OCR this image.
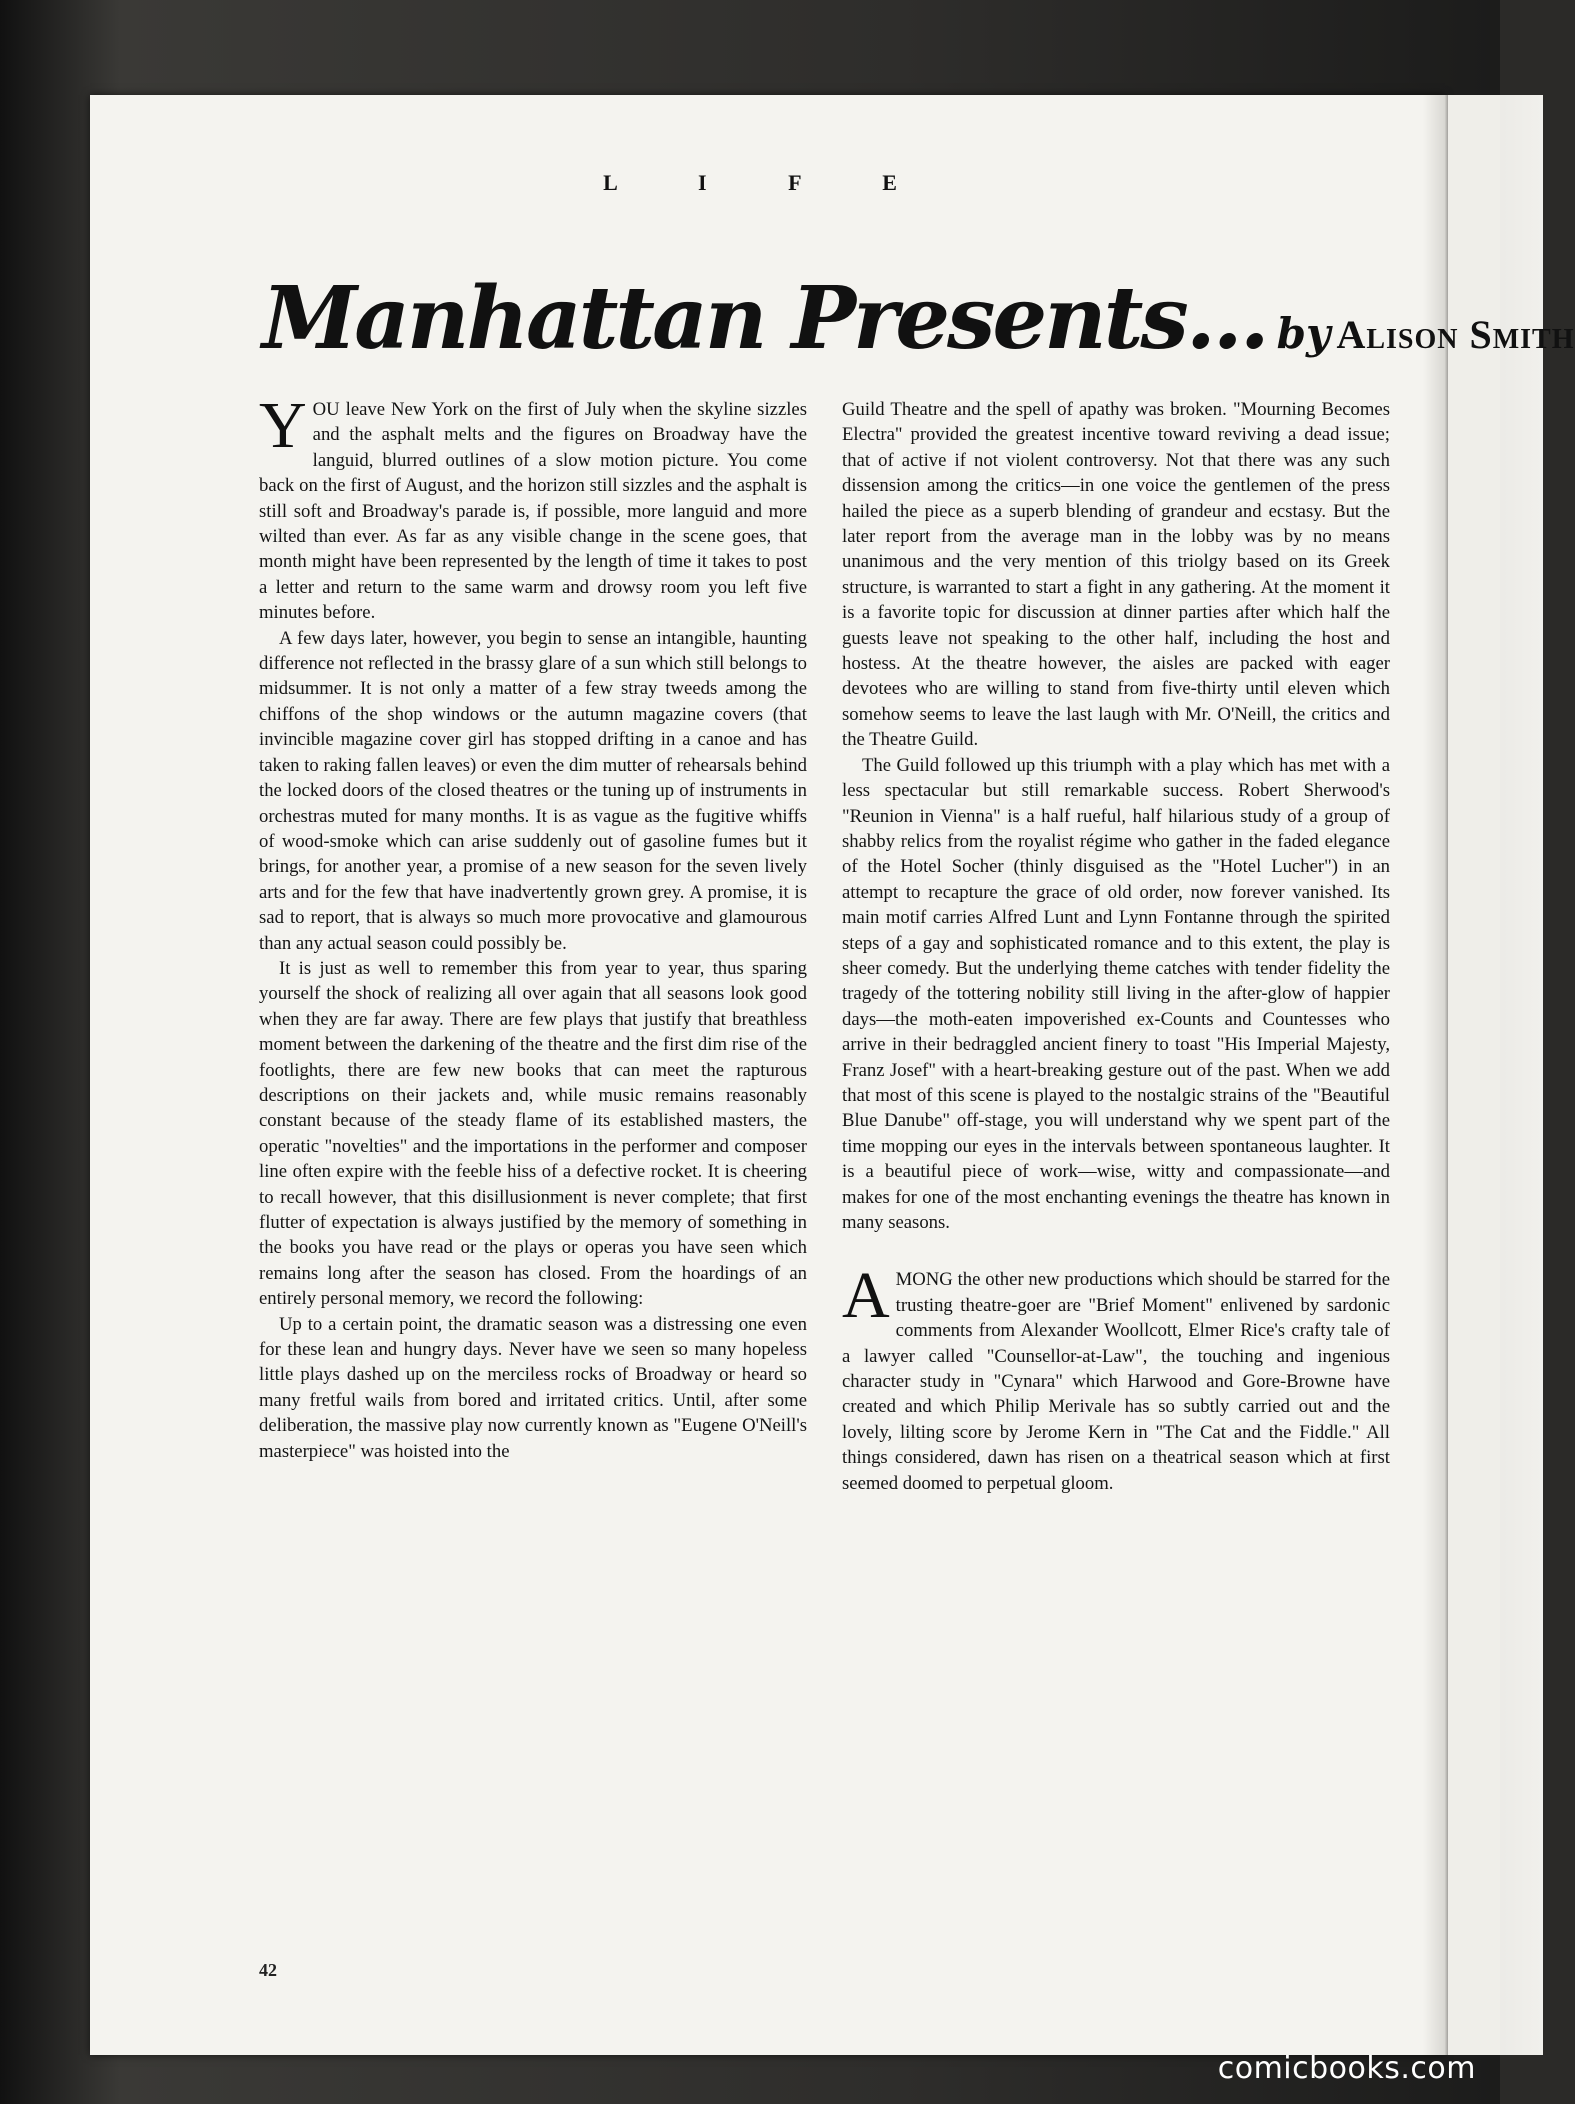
L I F E
Manhattan Presents... by Alison Smith

YOU leave New York on the first of July when the skyline sizzles and the asphalt melts and the figures on Broadway have the languid, blurred outlines of a slow motion picture. You come back on the first of August, and the horizon still sizzles and the asphalt is still soft and Broadway's parade is, if possible, more languid and more wilted than ever. As far as any visible change in the scene goes, that month might have been represented by the length of time it takes to post a letter and return to the same warm and drowsy room you left five minutes before.

A few days later, however, you begin to sense an intangible, haunting difference not reflected in the brassy glare of a sun which still belongs to midsummer. It is not only a matter of a few stray tweeds among the chiffons of the shop windows or the autumn magazine covers (that invincible magazine cover girl has stopped drifting in a canoe and has taken to raking fallen leaves) or even the dim mutter of rehearsals behind the locked doors of the closed theatres or the tuning up of instruments in orchestras muted for many months. It is as vague as the fugitive whiffs of wood-smoke which can arise suddenly out of gasoline fumes but it brings, for another year, a promise of a new season for the seven lively arts and for the few that have inadvertently grown grey. A promise, it is sad to report, that is always so much more provocative and glamourous than any actual season could possibly be.

It is just as well to remember this from year to year, thus sparing yourself the shock of realizing all over again that all seasons look good when they are far away. There are few plays that justify that breathless moment between the darkening of the theatre and the first dim rise of the footlights, there are few new books that can meet the rapturous descriptions on their jackets and, while music remains reasonably constant because of the steady flame of its established masters, the operatic "novelties" and the importations in the performer and composer line often expire with the feeble hiss of a defective rocket. It is cheering to recall however, that this disillusionment is never complete; that first flutter of expectation is always justified by the memory of something in the books you have read or the plays or operas you have seen which remains long after the season has closed. From the hoardings of an entirely personal memory, we record the following:

Up to a certain point, the dramatic season was a distressing one even for these lean and hungry days. Never have we seen so many hopeless little plays dashed up on the merciless rocks of Broadway or heard so many fretful wails from bored and irritated critics. Until, after some deliberation, the massive play now currently known as "Eugene O'Neill's masterpiece" was hoisted into the

Guild Theatre and the spell of apathy was broken. "Mourning Becomes Electra" provided the greatest incentive toward reviving a dead issue; that of active if not violent controversy. Not that there was any such dissension among the critics—in one voice the gentlemen of the press hailed the piece as a superb blending of grandeur and ecstasy. But the later report from the average man in the lobby was by no means unanimous and the very mention of this triolgy based on its Greek structure, is warranted to start a fight in any gathering. At the moment it is a favorite topic for discussion at dinner parties after which half the guests leave not speaking to the other half, including the host and hostess. At the theatre however, the aisles are packed with eager devotees who are willing to stand from five-thirty until eleven which somehow seems to leave the last laugh with Mr. O'Neill, the critics and the Theatre Guild.

The Guild followed up this triumph with a play which has met with a less spectacular but still remarkable success. Robert Sherwood's "Reunion in Vienna" is a half rueful, half hilarious study of a group of shabby relics from the royalist régime who gather in the faded elegance of the Hotel Socher (thinly disguised as the "Hotel Lucher") in an attempt to recapture the grace of old order, now forever vanished. Its main motif carries Alfred Lunt and Lynn Fontanne through the spirited steps of a gay and sophisticated romance and to this extent, the play is sheer comedy. But the underlying theme catches with tender fidelity the tragedy of the tottering nobility still living in the after-glow of happier days—the moth-eaten impoverished ex-Counts and Countesses who arrive in their bedraggled ancient finery to toast "His Imperial Majesty, Franz Josef" with a heart-breaking gesture out of the past. When we add that most of this scene is played to the nostalgic strains of the "Beautiful Blue Danube" off-stage, you will understand why we spent part of the time mopping our eyes in the intervals between spontaneous laughter. It is a beautiful piece of work—wise, witty and compassionate—and makes for one of the most enchanting evenings the theatre has known in many seasons.

AMONG the other new productions which should be starred for the trusting theatre-goer are "Brief Moment" enlivened by sardonic comments from Alexander Woollcott, Elmer Rice's crafty tale of a lawyer called "Counsellor-at-Law", the touching and ingenious character study in "Cynara" which Harwood and Gore-Browne have created and which Philip Merivale has so subtly carried out and the lovely, lilting score by Jerome Kern in "The Cat and the Fiddle." All things considered, dawn has risen on a theatrical season which at first seemed doomed to perpetual gloom.

42
comicbooks.com
